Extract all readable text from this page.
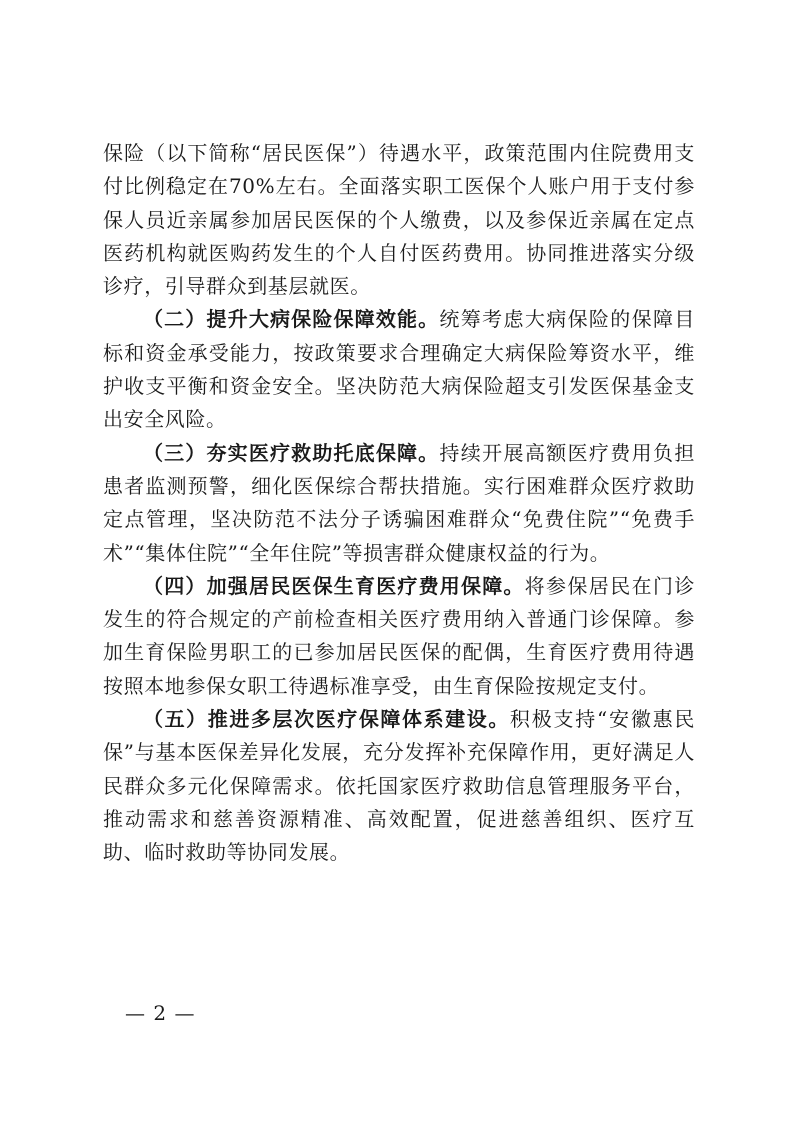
保险（以下简称“居民医保”）待遇水平，政策范围内住院费用支付比例稳定在70%左右。全面落实职工医保个人账户用于支付参保人员近亲属参加居民医保的个人缴费，以及参保近亲属在定点医药机构就医购药发生的个人自付医药费用。协同推进落实分级诊疗，引导群众到基层就医。

（二）提升大病保险保障效能。统筹考虑大病保险的保障目标和资金承受能力，按政策要求合理确定大病保险筹资水平，维护收支平衡和资金安全。坚决防范大病保险超支引发医保基金支出安全风险。

（三）夯实医疗救助托底保障。持续开展高额医疗费用负担患者监测预警，细化医保综合帮扶措施。实行困难群众医疗救助定点管理，坚决防范不法分子诱骗困难群众“免费住院”“免费手术”“集体住院”“全年住院”等损害群众健康权益的行为。

（四）加强居民医保生育医疗费用保障。将参保居民在门诊发生的符合规定的产前检查相关医疗费用纳入普通门诊保障。参加生育保险男职工的已参加居民医保的配偶，生育医疗费用待遇按照本地参保女职工待遇标准享受，由生育保险按规定支付。

（五）推进多层次医疗保障体系建设。积极支持“安徽惠民保”与基本医保差异化发展，充分发挥补充保障作用，更好满足人民群众多元化保障需求。依托国家医疗救助信息管理服务平台，推动需求和慈善资源精准、高效配置，促进慈善组织、医疗互助、临时救助等协同发展。

— 2 —
